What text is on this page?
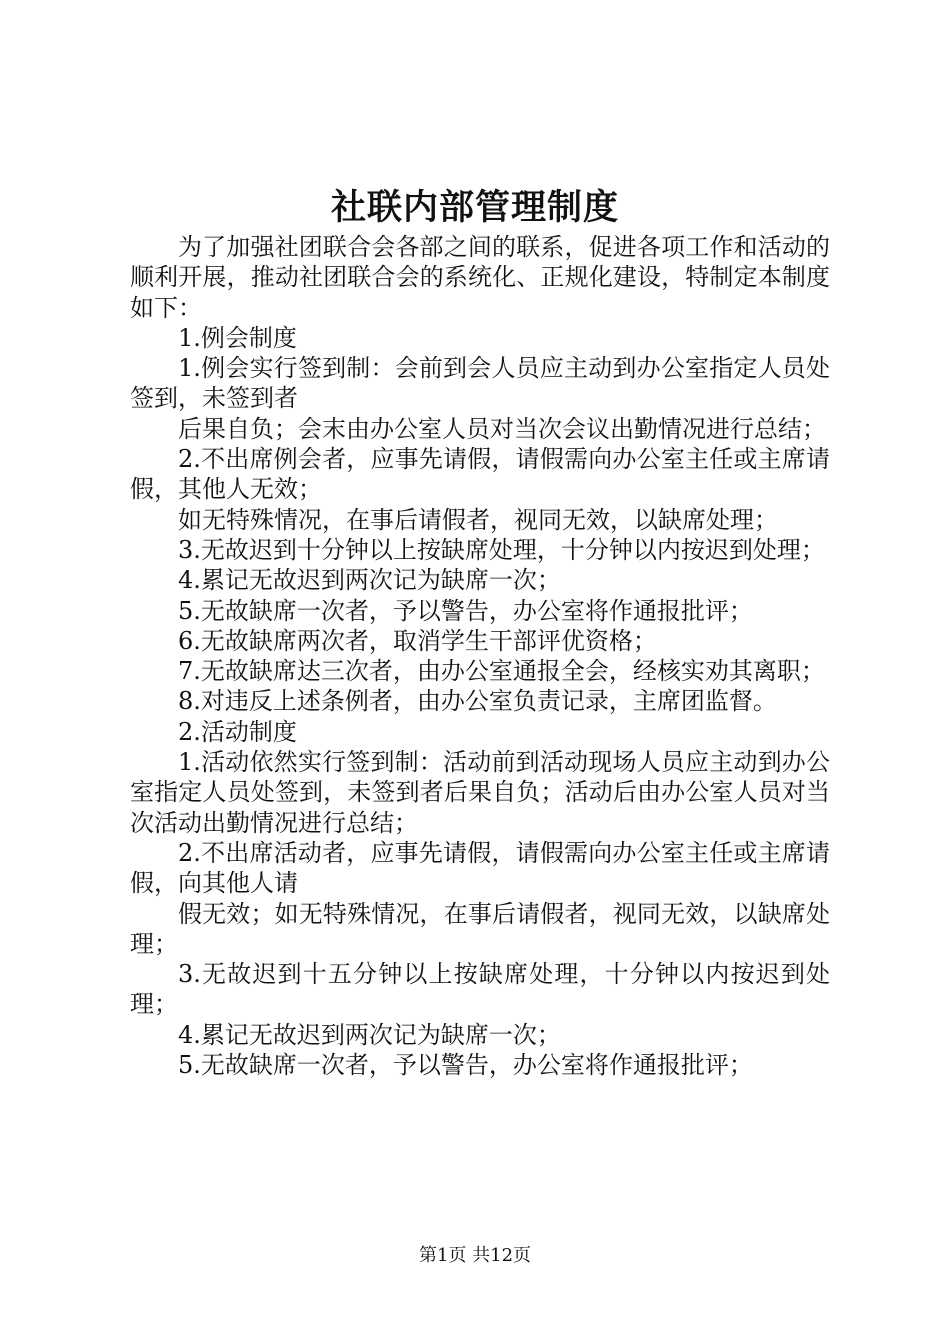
社联内部管理制度

为了加强社团联合会各部之间的联系，促进各项工作和活动的顺利开展，推动社团联合会的系统化、正规化建设，特制定本制度如下：

1.例会制度

1.例会实行签到制：会前到会人员应主动到办公室指定人员处签到，未签到者

后果自负；会末由办公室人员对当次会议出勤情况进行总结；

2.不出席例会者，应事先请假，请假需向办公室主任或主席请假，其他人无效；

如无特殊情况，在事后请假者，视同无效，以缺席处理；

3.无故迟到十分钟以上按缺席处理，十分钟以内按迟到处理；

4.累记无故迟到两次记为缺席一次；

5.无故缺席一次者，予以警告，办公室将作通报批评；

6.无故缺席两次者，取消学生干部评优资格；

7.无故缺席达三次者，由办公室通报全会，经核实劝其离职；

8.对违反上述条例者，由办公室负责记录，主席团监督。

2.活动制度

1.活动依然实行签到制：活动前到活动现场人员应主动到办公室指定人员处签到，未签到者后果自负；活动后由办公室人员对当次活动出勤情况进行总结；

2.不出席活动者，应事先请假，请假需向办公室主任或主席请假，向其他人请

假无效；如无特殊情况，在事后请假者，视同无效，以缺席处理；

3.无故迟到十五分钟以上按缺席处理，十分钟以内按迟到处理；

4.累记无故迟到两次记为缺席一次；

5.无故缺席一次者，予以警告，办公室将作通报批评；

第1页 共12页
